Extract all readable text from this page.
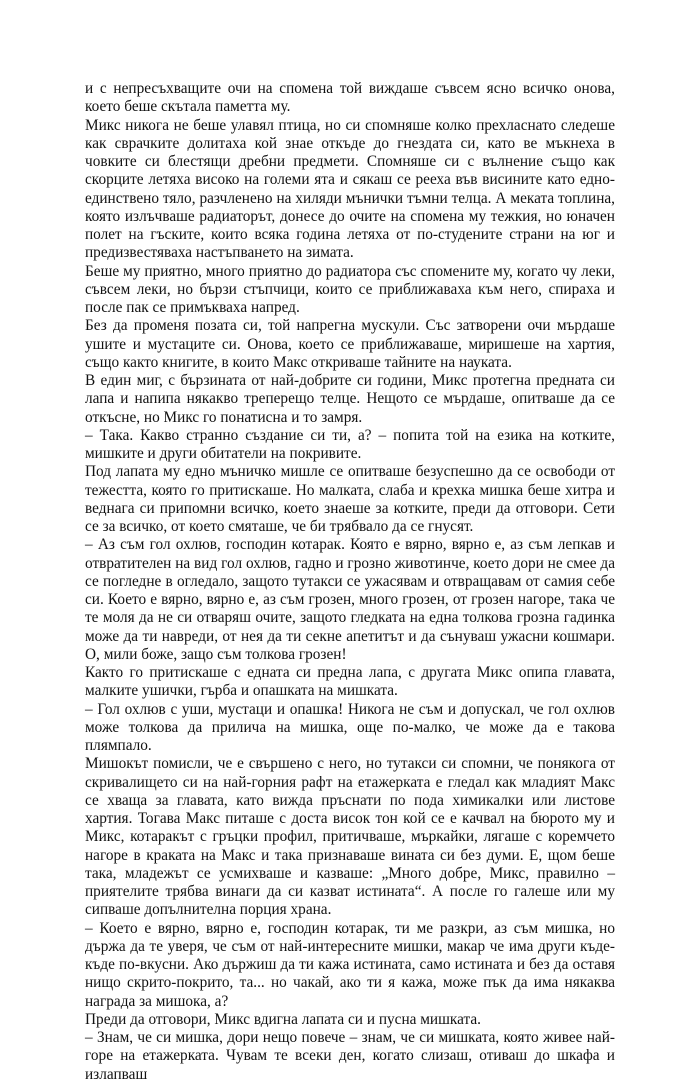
и с непресъхващите очи на спомена той виждаше съвсем ясно всичко онова, което беше скътала паметта му.

Микс никога не беше улавял птица, но си спомняше колко прехласнато следеше как сврачките долитаха кой знае откъде до гнездата си, като ве мъкнеха в човките си блестящи дребни предмети. Спомняше си с вълнение също как скорците летяха високо на големи ята и сякаш се рееха във висините като едно-единствено тяло, разчленено на хиляди мънички тъмни телца. А меката топлина, която излъчваше радиаторът, донесе до очите на спомена му тежкия, но юначен полет на гъските, които всяка година летяха от по-студените страни на юг и предизвестяваха настъпването на зимата.

Беше му приятно, много приятно до радиатора със спомените му, когато чу леки, съвсем леки, но бързи стъпчици, които се приближаваха към него, спираха и после пак се примъкваха напред.

Без да променя позата си, той напрегна мускули. Със затворени очи мърдаше ушите и мустаците си. Онова, което се приближаваше, миришеше на хартия, също както книгите, в които Макс откриваше тайните на науката.

В един миг, с бързината от най-добрите си години, Микс протегна предната си лапа и напипа някакво треперещо телце. Нещото се мърдаше, опитваше да се откъсне, но Микс го понатисна и то замря.

– Така. Какво странно създание си ти, а? – попита той на езика на котките, мишките и други обитатели на покривите.

Под лапата му едно мъничко мишле се опитваше безуспешно да се освободи от тежестта, която го притискаше. Но малката, слаба и крехка мишка беше хитра и веднага си припомни всичко, което знаеше за котките, преди да отговори. Сети се за всичко, от което смяташе, че би трябвало да се гнусят.

– Аз съм гол охлюв, господин котарак. Която е вярно, вярно е, аз съм лепкав и отвратителен на вид гол охлюв, гадно и грозно животинче, което дори не смее да се погледне в огледало, защото тутакси се ужасявам и отвращавам от самия себе си. Което е вярно, вярно е, аз съм грозен, много грозен, от грозен нагоре, така че те моля да не си отваряш очите, защото гледката на една толкова грозна гадинка може да ти навреди, от нея да ти секне апетитът и да сънуваш ужасни кошмари. О, мили боже, защо съм толкова грозен!

Както го притискаше с едната си предна лапа, с другата Микс опипа главата, малките ушички, гърба и опашката на мишката.

– Гол охлюв с уши, мустаци и опашка! Никога не съм и допускал, че гол охлюв може толкова да прилича на мишка, още по-малко, че може да е такова плямпало.

Мишокът помисли, че е свършено с него, но тутакси си спомни, че понякога от скривалището си на най-горния рафт на етажерката е гледал как младият Макс се хваща за главата, като вижда пръснати по пода химикалки или листове хартия. Тогава Макс питаше с доста висок тон кой се е качвал на бюрото му и Микс, котаракът с гръцки профил, притичваше, мъркайки, лягаше с коремчето нагоре в краката на Макс и така признаваше вината си без думи. Е, щом беше така, младежът се усмихваше и казваше: „Много добре, Микс, правилно – приятелите трябва винаги да си казват истината“. А после го галеше или му сипваше допълнителна порция храна.

– Което е вярно, вярно е, господин котарак, ти ме разкри, аз съм мишка, но държа да те уверя, че съм от най-интересните мишки, макар че има други къде-къде по-вкусни. Ако държиш да ти кажа истината, само истината и без да оставя нищо скрито-покрито, та... но чакай, ако ти я кажа, може пък да има някаква награда за мишока, а?

Преди да отговори, Микс вдигна лапата си и пусна мишката.

– Знам, че си мишка, дори нещо повече – знам, че си мишката, която живее най-горе на етажерката. Чувам те всеки ден, когато слизаш, отиваш до шкафа и излапваш
